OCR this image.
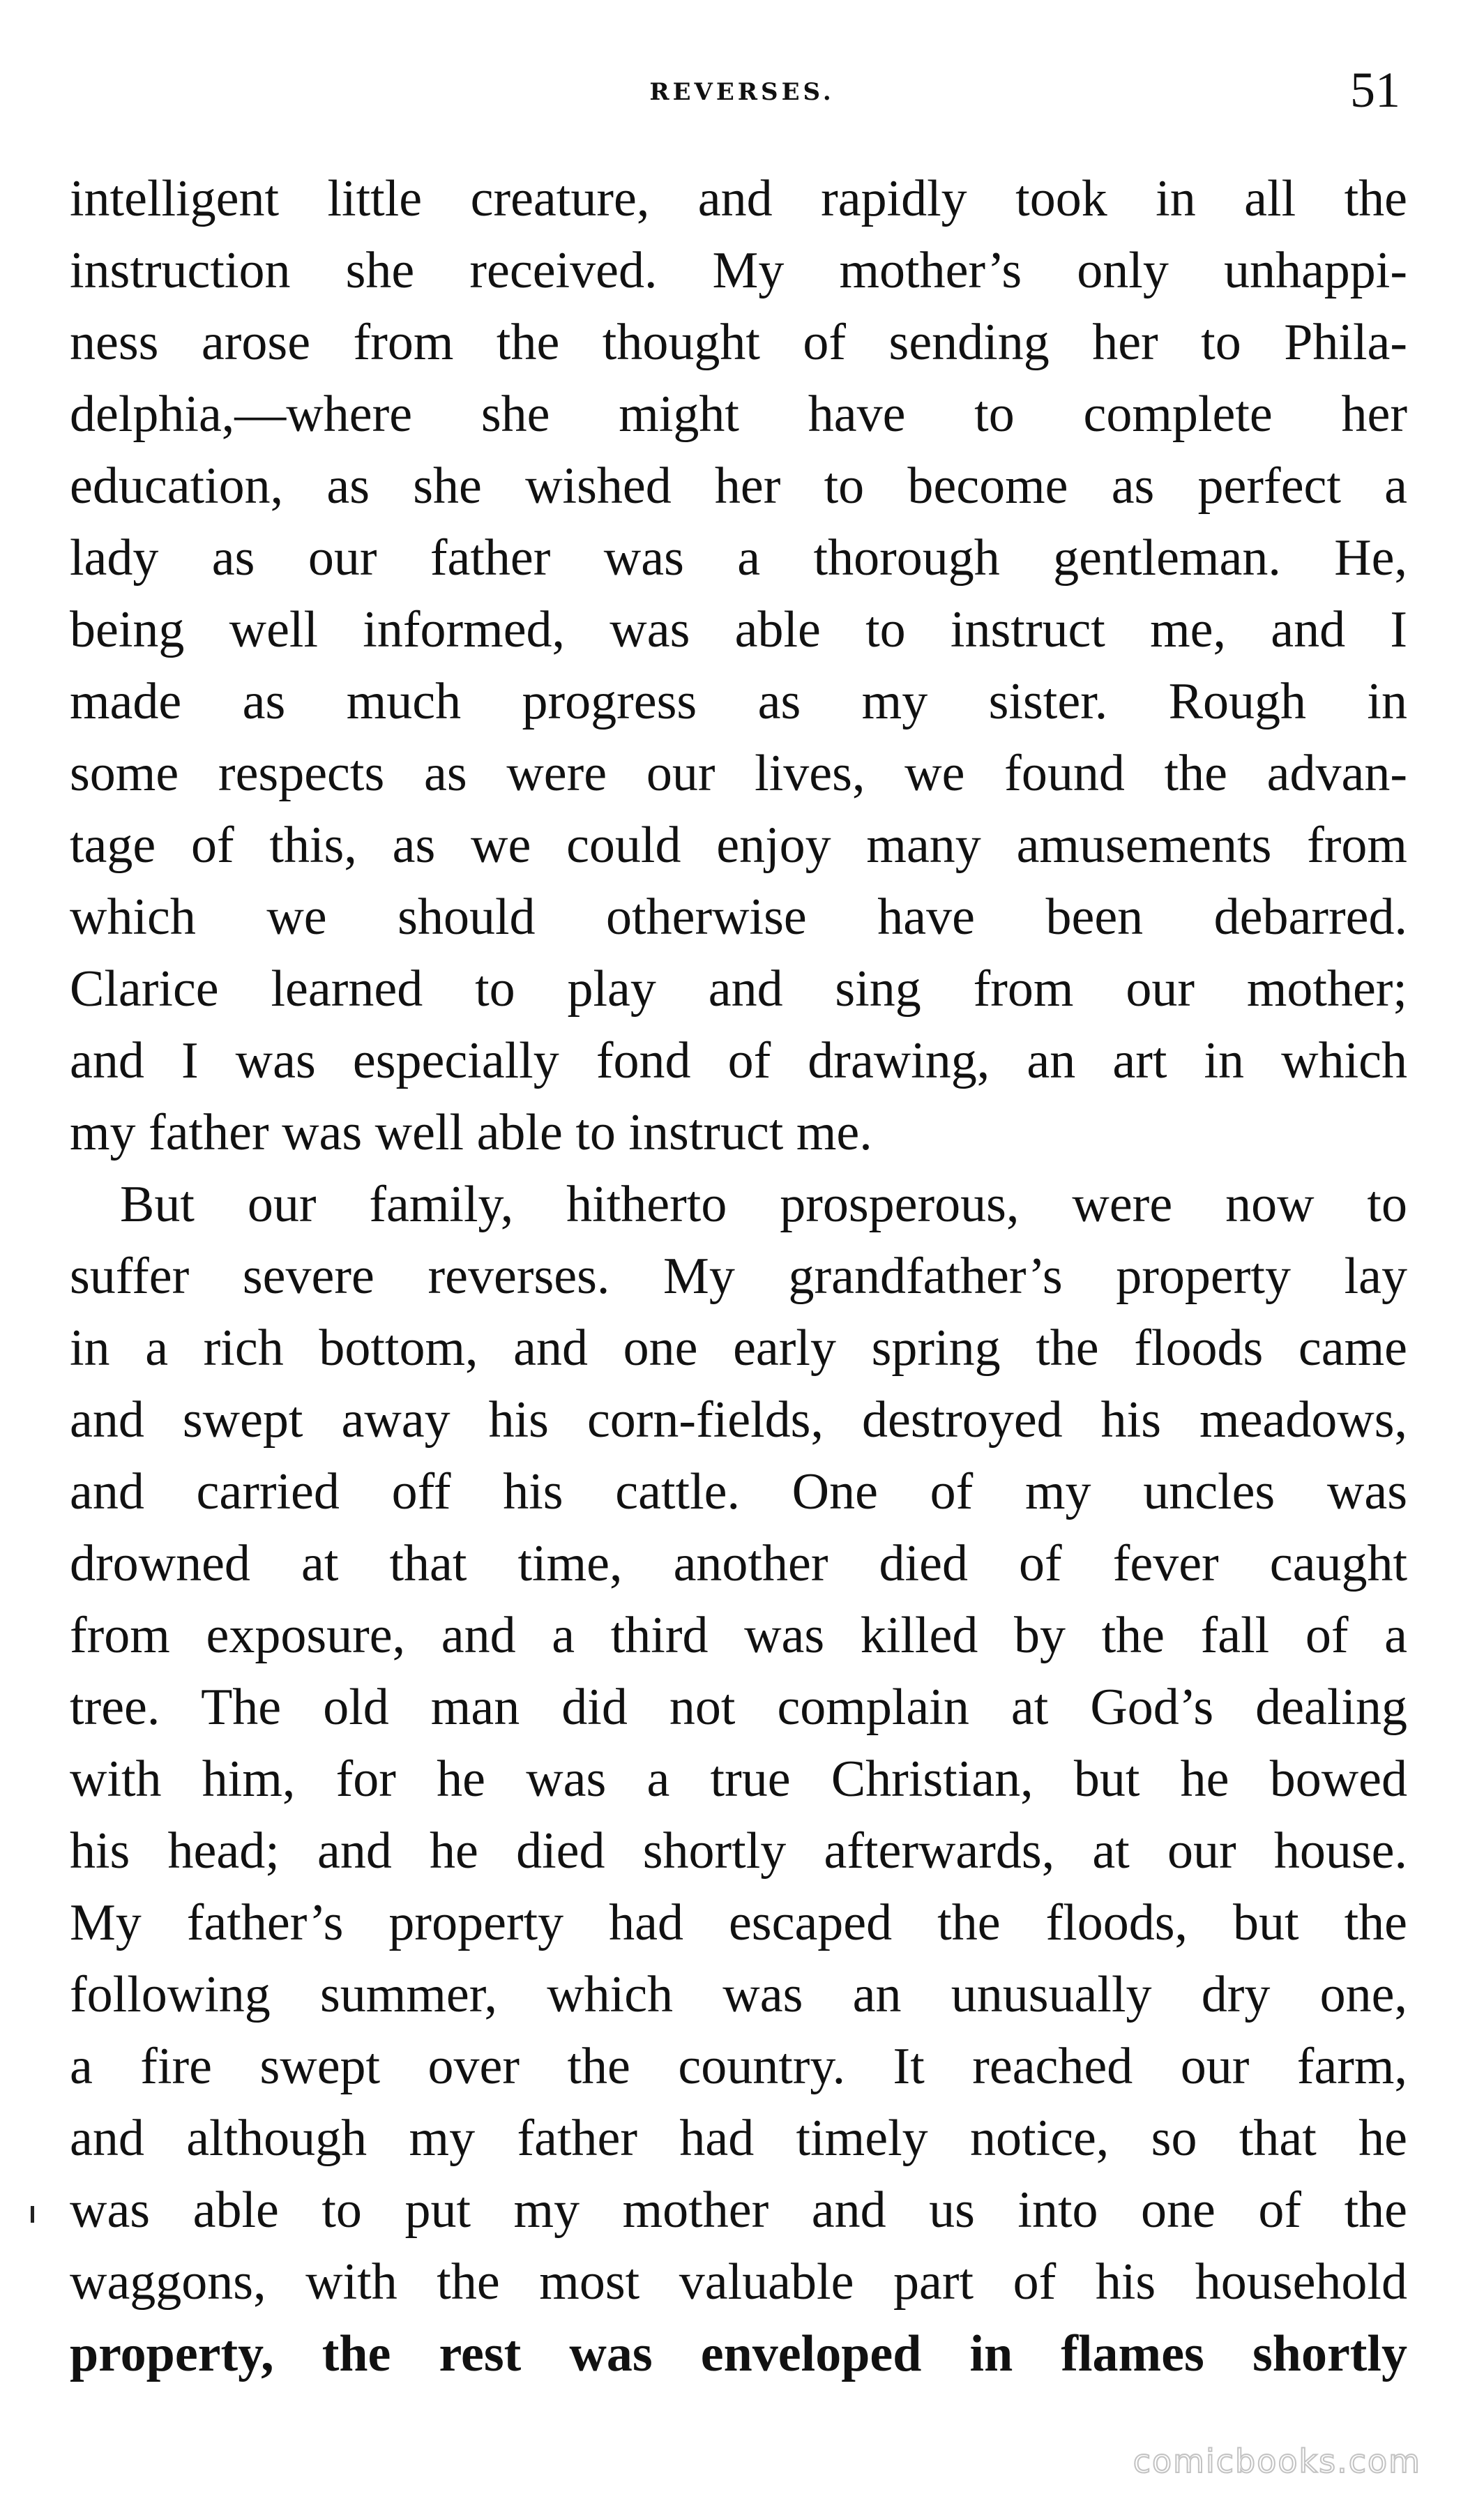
REVERSES.	51
intelligent little creature, and rapidly took in all the
instruction she received. My mother’s only unhappi-
ness arose from the thought of sending her to Phila-
delphia,—where she might have to complete her
education, as she wished her to become as perfect a
lady as our father was a thorough gentleman. He,
being well informed, was able to instruct me, and I
made as much progress as my sister. Rough in
some respects as were our lives, we found the advan-
tage of this, as we could enjoy many amusements from
which we should otherwise have been debarred.
Clarice learned to play and sing from our mother;
and I was especially fond of drawing, an art in which
my father was well able to instruct me.
But our family, hitherto prosperous, were now to
suffer severe reverses. My grandfather’s property lay
in a rich bottom, and one early spring the floods came
and swept away his corn-fields, destroyed his meadows,
and carried off his cattle. One of my uncles was
drowned at that time, another died of fever caught
from exposure, and a third was killed by the fall of a
tree. The old man did not complain at God’s dealing
with him, for he was a true Christian, but he bowed
his head; and he died shortly afterwards, at our house.
My father’s property had escaped the floods, but the
following summer, which was an unusually dry one,
a fire swept over the country. It reached our farm,
and although my father had timely notice, so that he
was able to put my mother and us into one of the
waggons, with the most valuable part of his household
property, the rest was enveloped in flames shortly
comicbooks.com
